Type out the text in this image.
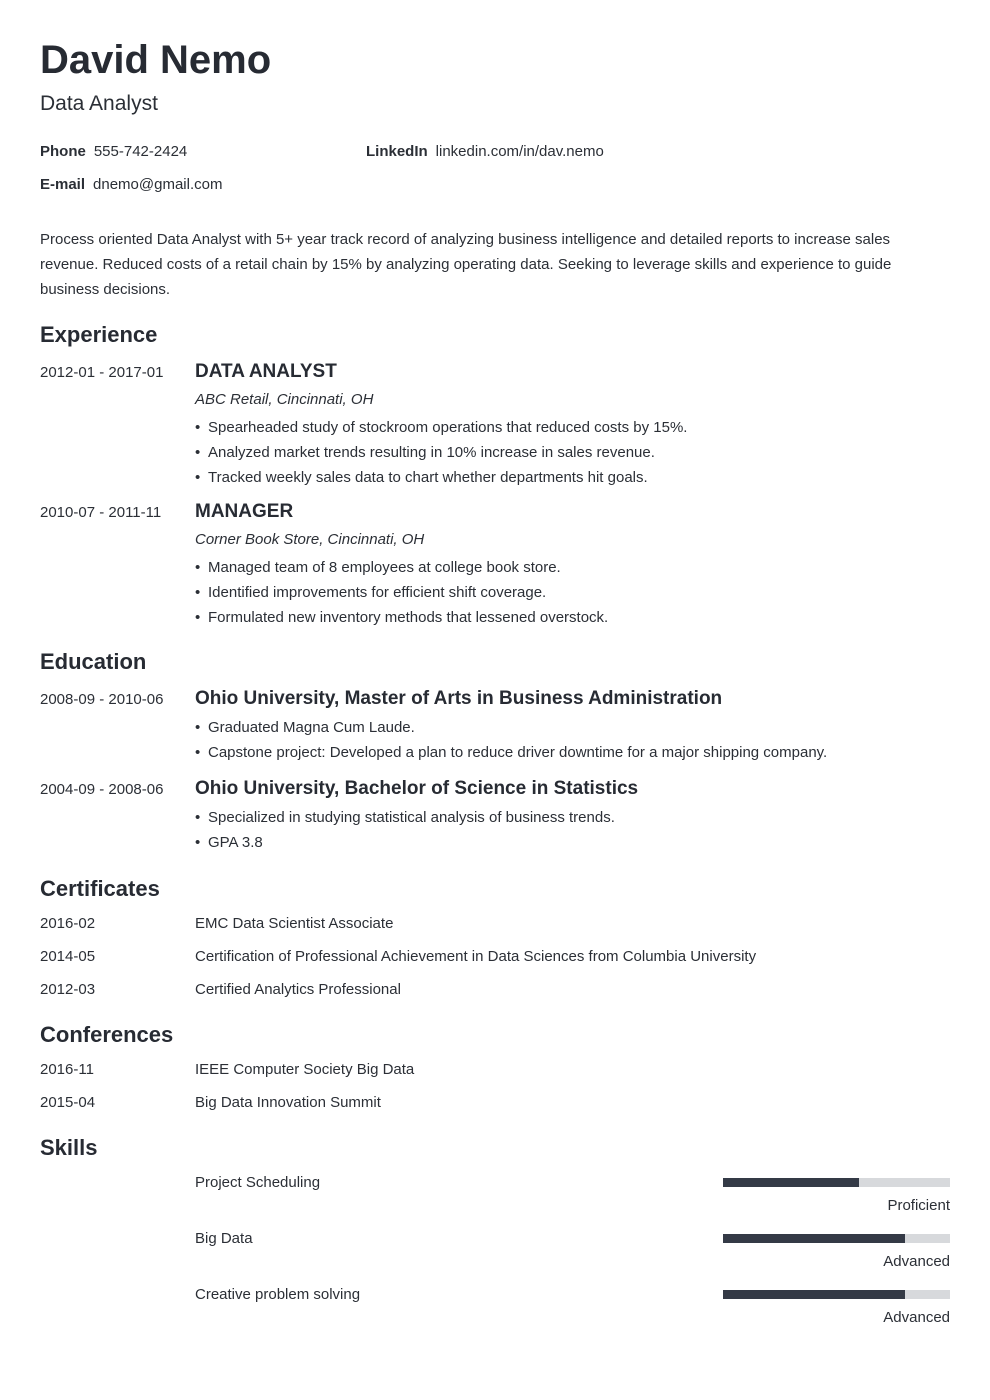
David Nemo
Data Analyst
Phone 555-742-2424	LinkedIn linkedin.com/in/dav.nemo
E-mail dnemo@gmail.com
Process oriented Data Analyst with 5+ year track record of analyzing business intelligence and detailed reports to increase sales revenue. Reduced costs of a retail chain by 15% by analyzing operating data. Seeking to leverage skills and experience to guide business decisions.
Experience
2012-01 - 2017-01 DATA ANALYST
ABC Retail, Cincinnati, OH
• Spearheaded study of stockroom operations that reduced costs by 15%.
• Analyzed market trends resulting in 10% increase in sales revenue.
• Tracked weekly sales data to chart whether departments hit goals.
2010-07 - 2011-11 MANAGER
Corner Book Store, Cincinnati, OH
• Managed team of 8 employees at college book store.
• Identified improvements for efficient shift coverage.
• Formulated new inventory methods that lessened overstock.
Education
2008-09 - 2010-06 Ohio University, Master of Arts in Business Administration
• Graduated Magna Cum Laude.
• Capstone project: Developed a plan to reduce driver downtime for a major shipping company.
2004-09 - 2008-06 Ohio University, Bachelor of Science in Statistics
• Specialized in studying statistical analysis of business trends.
• GPA 3.8
Certificates
2016-02	EMC Data Scientist Associate
2014-05	Certification of Professional Achievement in Data Sciences from Columbia University
2012-03	Certified Analytics Professional
Conferences
2016-11	IEEE Computer Society Big Data
2015-04	Big Data Innovation Summit
Skills
Project Scheduling
Proficient
Big Data
Advanced
Creative problem solving
Advanced
